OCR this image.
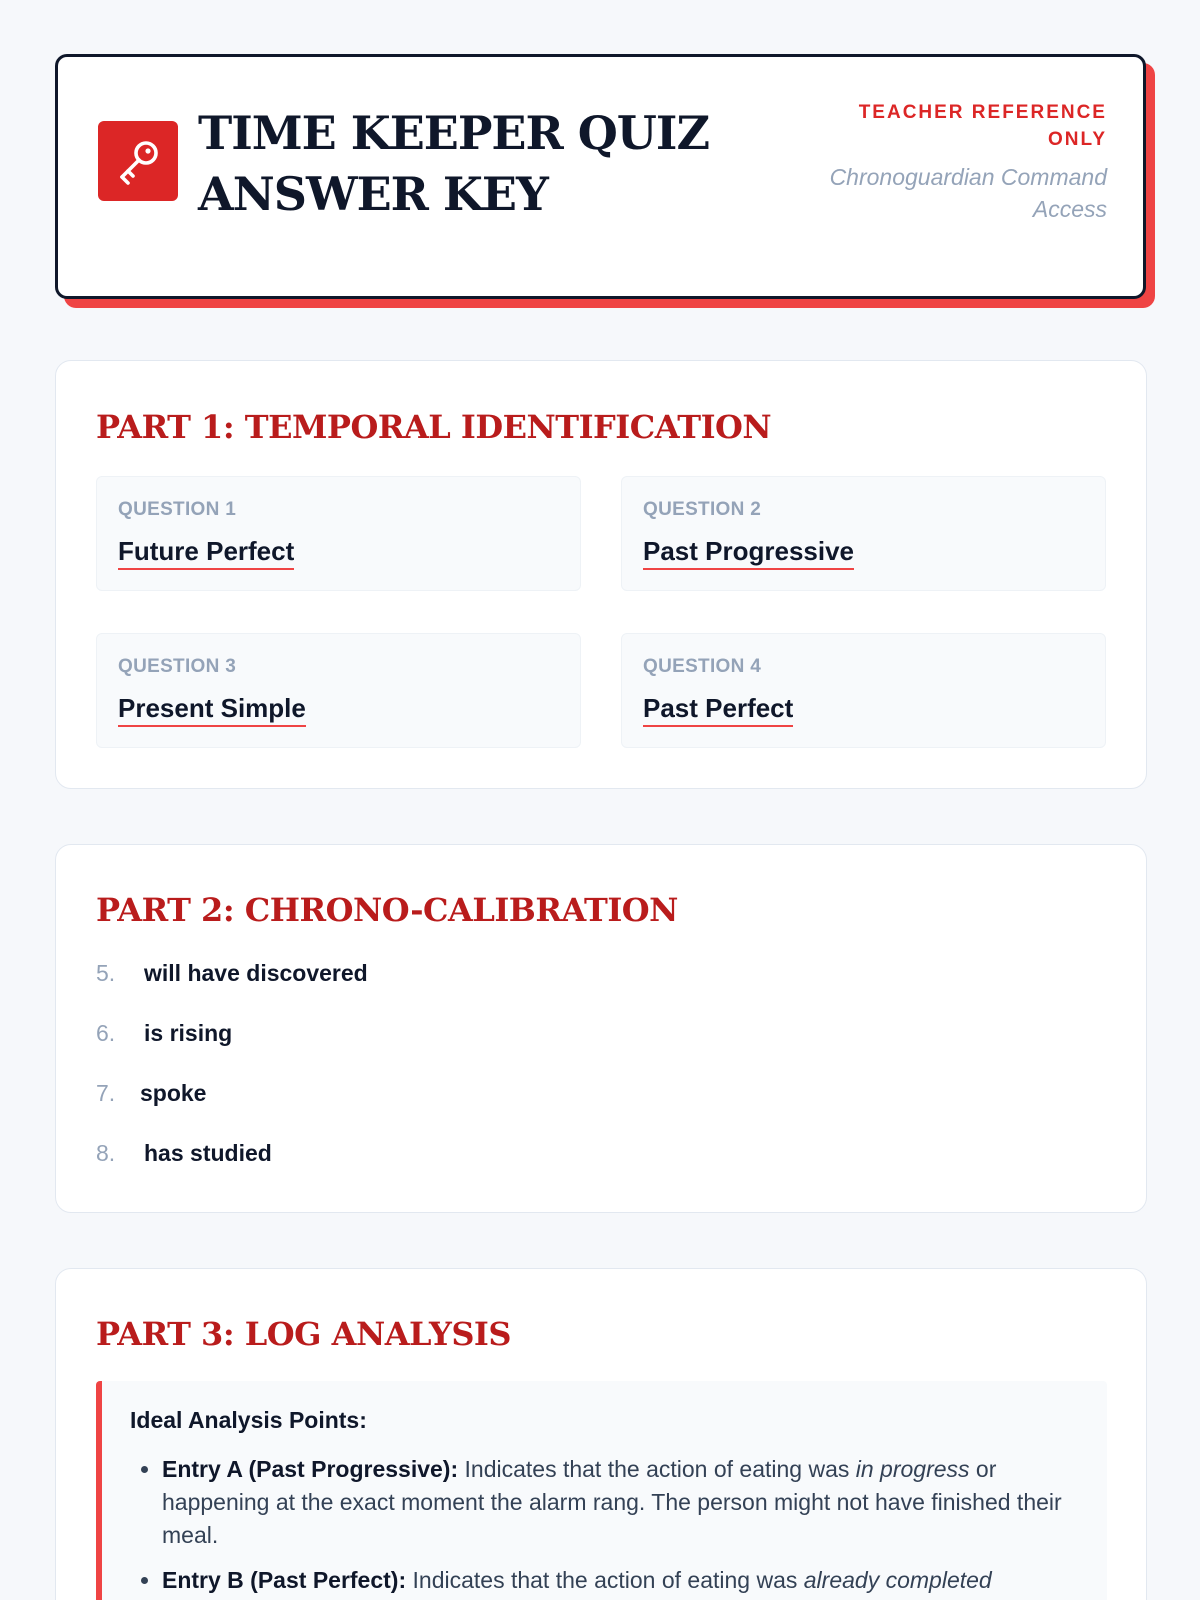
TIME KEEPER QUIZ
ANSWER KEY
TEACHER REFERENCE
ONLY
Chronoguardian Command
Access
PART 1: TEMPORAL IDENTIFICATION
QUESTION 1
Future Perfect
QUESTION 2
Past Progressive
QUESTION 3
Present Simple
QUESTION 4
Past Perfect
PART 2: CHRONO-CALIBRATION
5.	will have discovered
6.	is rising
7.	spoke
8.	has studied
PART 3: LOG ANALYSIS
Ideal Analysis Points:
• Entry A (Past Progressive): Indicates that the action of eating was in progress or happening at the exact moment the alarm rang. The person might not have finished their meal.
• Entry B (Past Perfect): Indicates that the action of eating was already completed
